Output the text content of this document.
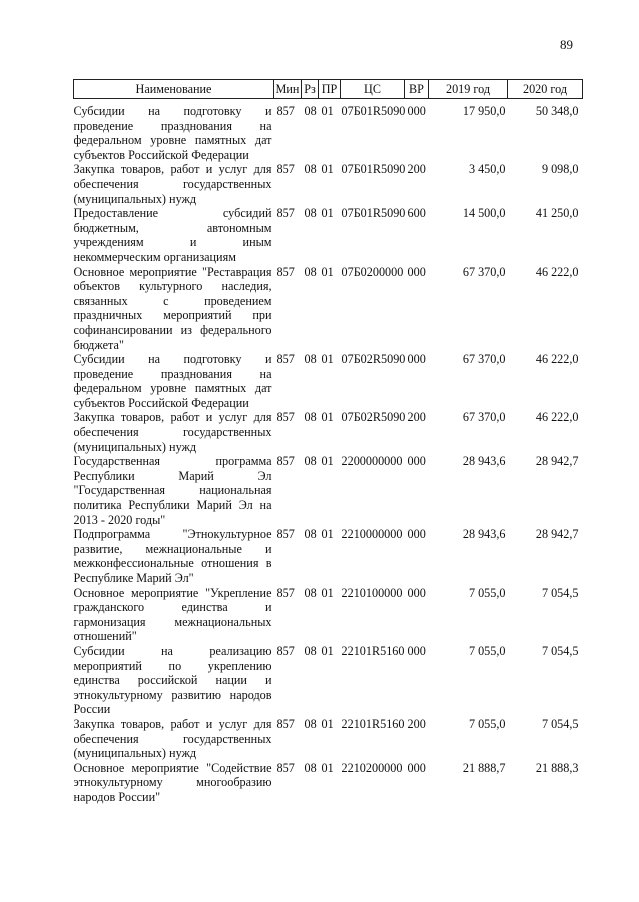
89
Наименование	Мин	Рз	ПР	ЦС	ВР	2019 год	2020 год
Субсидии на подготовку и проведение празднования на федеральном уровне памятных дат субъектов Российской Федерации	857	08	01	07Б01R5090	000	17 950,0	50 348,0
Закупка товаров, работ и услуг для обеспечения государственных (муниципальных) нужд	857	08	01	07Б01R5090	200	3 450,0	9 098,0
Предоставление субсидий бюджетным, автономным учреждениям и иным некоммерческим организациям	857	08	01	07Б01R5090	600	14 500,0	41 250,0
Основное мероприятие "Реставрация объектов культурного наследия, связанных с проведением праздничных мероприятий при софинансировании из федерального бюджета"	857	08	01	07Б0200000	000	67 370,0	46 222,0
Субсидии на подготовку и проведение празднования на федеральном уровне памятных дат субъектов Российской Федерации	857	08	01	07Б02R5090	000	67 370,0	46 222,0
Закупка товаров, работ и услуг для обеспечения государственных (муниципальных) нужд	857	08	01	07Б02R5090	200	67 370,0	46 222,0
Государственная программа Республики Марий Эл "Государственная национальная политика Республики Марий Эл на 2013 - 2020 годы"	857	08	01	2200000000	000	28 943,6	28 942,7
Подпрограмма "Этнокультурное развитие, межнациональные и межконфессиональные отношения в Республике Марий Эл"	857	08	01	2210000000	000	28 943,6	28 942,7
Основное мероприятие "Укрепление гражданского единства и гармонизация межнациональных отношений"	857	08	01	2210100000	000	7 055,0	7 054,5
Субсидии на реализацию мероприятий по укреплению единства российской нации и этнокультурному развитию народов России	857	08	01	22101R5160	000	7 055,0	7 054,5
Закупка товаров, работ и услуг для обеспечения государственных (муниципальных) нужд	857	08	01	22101R5160	200	7 055,0	7 054,5
Основное мероприятие "Содействие этнокультурному многообразию народов России"	857	08	01	2210200000	000	21 888,7	21 888,3
